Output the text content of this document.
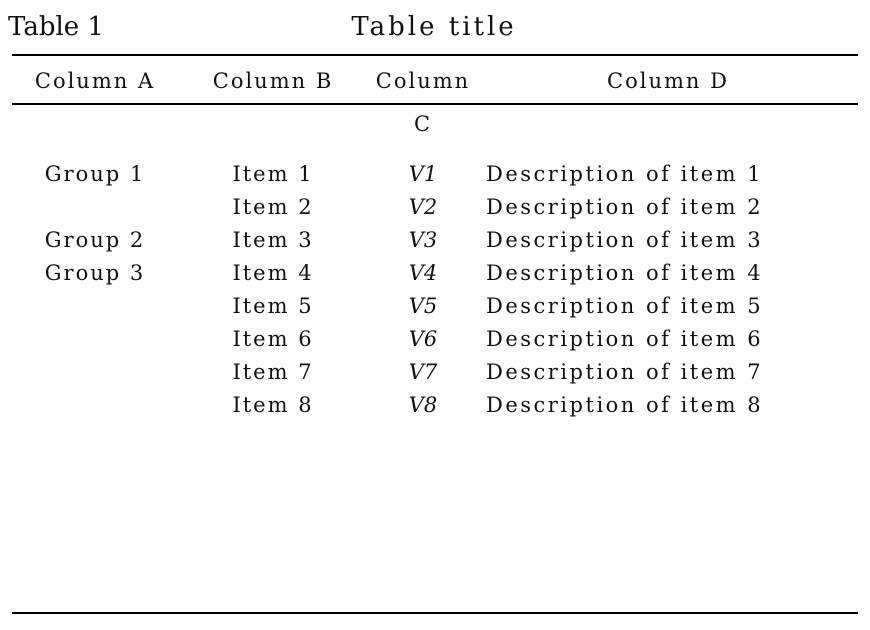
Table 1	Table title
Column A	Column B	Column C	Column D
Group 1	Item 1	V1	Description of item 1
	Item 2	V2	Description of item 2
Group 2	Item 3	V3	Description of item 3
Group 3	Item 4	V4	Description of item 4
	Item 5	V5	Description of item 5
	Item 6	V6	Description of item 6
	Item 7	V7	Description of item 7
	Item 8	V8	Description of item 8
